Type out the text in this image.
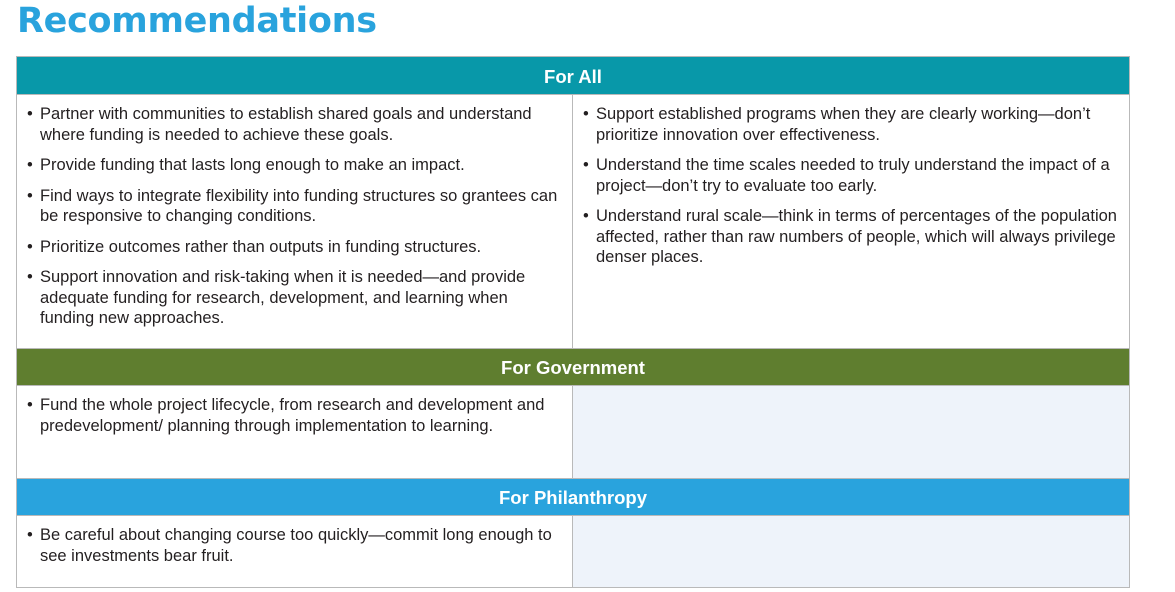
Recommendations
For All
• Partner with communities to establish shared goals and understand where funding is needed to achieve these goals.
• Provide funding that lasts long enough to make an impact.
• Find ways to integrate flexibility into funding structures so grantees can be responsive to changing conditions.
• Prioritize outcomes rather than outputs in funding structures.
• Support innovation and risk-taking when it is needed—and provide adequate funding for research, development, and learning when funding new approaches.
• Support established programs when they are clearly working—don’t prioritize innovation over effectiveness.
• Understand the time scales needed to truly understand the impact of a project—don’t try to evaluate too early.
• Understand rural scale—think in terms of percentages of the population affected, rather than raw numbers of people, which will always privilege denser places.
For Government
• Fund the whole project lifecycle, from research and development and predevelopment/ planning through implementation to learning.
For Philanthropy
• Be careful about changing course too quickly—commit long enough to see investments bear fruit.
